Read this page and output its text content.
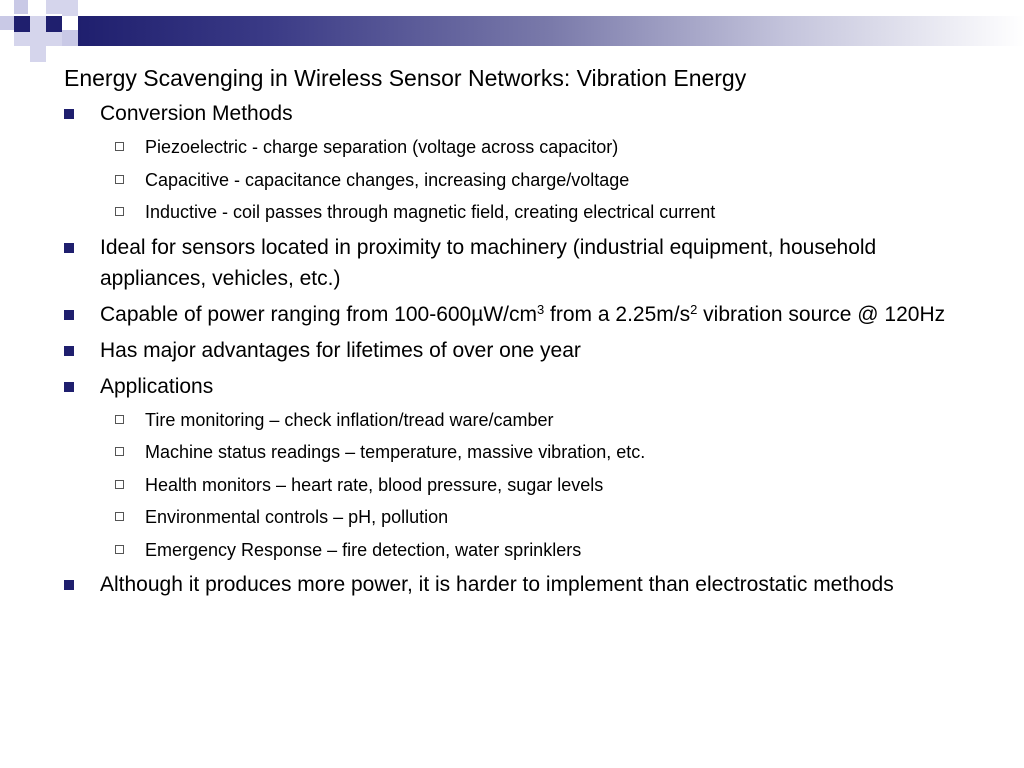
Energy Scavenging in Wireless Sensor Networks: Vibration Energy
Conversion Methods
Piezoelectric - charge separation (voltage across capacitor)
Capacitive - capacitance changes, increasing charge/voltage
Inductive - coil passes through magnetic field, creating electrical current
Ideal for sensors located in proximity to machinery (industrial equipment, household appliances, vehicles, etc.)
Capable of power ranging from $100-600\mu W/cm^3$ from a $2.25m/s^2$ vibration source @ 120Hz
Has major advantages for lifetimes of over one year
Applications
Tire monitoring – check inflation/tread ware/camber
Machine status readings – temperature, massive vibration, etc.
Health monitors – heart rate, blood pressure, sugar levels
Environmental controls – pH, pollution
Emergency Response – fire detection, water sprinklers
Although it produces more power, it is harder to implement than electrostatic methods
